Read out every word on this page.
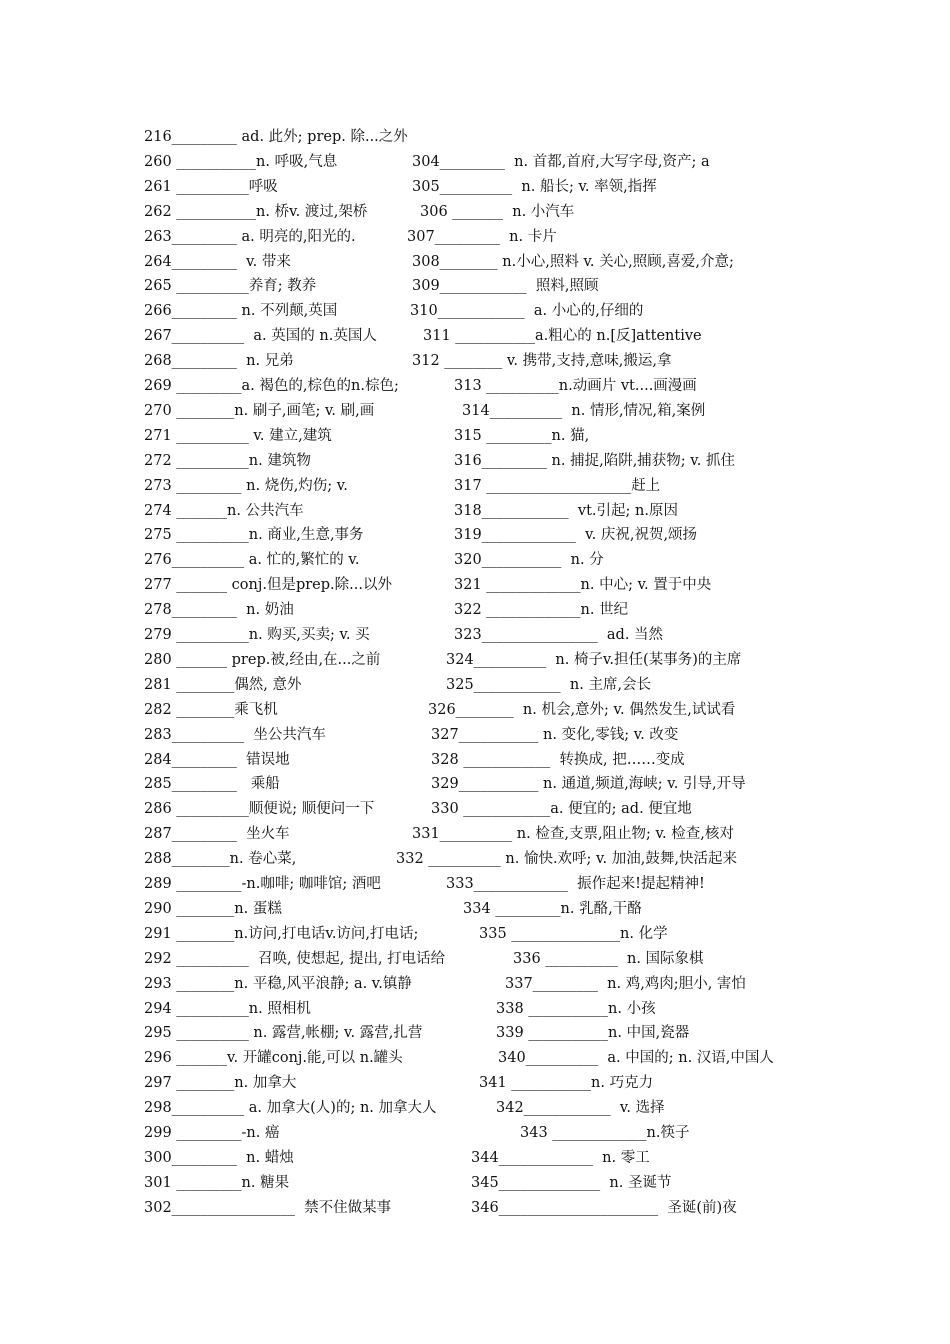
216_________ ad. 此外; prep. 除...之外
260 ___________n. 呼吸,气息	304_________  n. 首都,首府,大写字母,资产; a
261 __________呼吸	305__________  n. 船长; v. 率领,指挥
262 ___________n. 桥v. 渡过,架桥	306 _______  n. 小汽车
263_________ a. 明亮的,阳光的.	307_________  n. 卡片
264_________  v. 带来	308________ n.小心,照料 v. 关心,照顾,喜爱,介意;
265 __________养育; 教养	309____________  照料,照顾
266_________ n. 不列颠,英国	310____________  a. 小心的,仔细的
267__________  a. 英国的 n.英国人	311 ___________a.粗心的 n.[反]attentive
268_________  n. 兄弟	312 ________ v. 携带,支持,意味,搬运,拿
269 _________a. 褐色的,棕色的n.棕色;	313 __________n.动画片 vt....画漫画
270 ________n. 刷子,画笔; v. 刷,画	314__________  n. 情形,情况,箱,案例
271 __________ v. 建立,建筑	315 _________n. 猫,
272 __________n. 建筑物	316_________ n. 捕捉,陷阱,捕获物; v. 抓住
273 _________ n. 烧伤,灼伤; v.	317 ____________________赶上
274 _______n. 公共汽车	318____________  vt.引起; n.原因
275 __________n. 商业,生意,事务	319_____________  v. 庆祝,祝贺,颂扬
276__________ a. 忙的,繁忙的 v.	320___________  n. 分
277 _______ conj.但是prep.除...以外	321 _____________n. 中心; v. 置于中央
278_________  n. 奶油	322 _____________n. 世纪
279 __________n. 购买,买卖; v. 买	323________________  ad. 当然
280 _______ prep.被,经由,在...之前	324__________  n. 椅子v.担任(某事务)的主席
281 ________偶然, 意外	325____________  n. 主席,会长
282 ________乘飞机	326________  n. 机会,意外; v. 偶然发生,试试看
283__________  坐公共汽车	327___________ n. 变化,零钱; v. 改变
284_________  错误地	328 ____________  转换成, 把……变成
285_________   乘船	329___________ n. 通道,频道,海峡; v. 引导,开导
286 __________顺便说; 顺便问一下	330 ____________a. 便宜的; ad. 便宜地
287_________  坐火车	331__________ n. 检查,支票,阻止物; v. 检查,核对
288________n. 卷心菜,	332 __________ n. 愉快.欢呼; v. 加油,鼓舞,快活起来
289 _________-n.咖啡; 咖啡馆; 酒吧	333_____________  振作起来!提起精神!
290 ________n. 蛋糕	334 _________n. 乳酪,干酪
291 ________n.访问,打电话v.访问,打电话;	335 _______________n. 化学
292 __________  召唤, 使想起, 提出, 打电话给	336 __________  n. 国际象棋
293 ________n. 平稳,风平浪静; a. v.镇静	337_________  n. 鸡,鸡肉;胆小, 害怕
294 __________n. 照相机	338 ___________n. 小孩
295 __________ n. 露营,帐棚; v. 露营,扎营	339 ___________n. 中国,瓷器
296 _______v. 开罐conj.能,可以 n.罐头	340__________  a. 中国的; n. 汉语,中国人
297 ________n. 加拿大	341 ___________n. 巧克力
298__________ a. 加拿大(人)的; n. 加拿大人	342____________  v. 选择
299 _________-n. 癌	343 _____________n.筷子
300_________  n. 蜡烛	344_____________  n. 零工
301 _________n. 糖果	345______________  n. 圣诞节
302_________________  禁不住做某事	346______________________  圣诞(前)夜
